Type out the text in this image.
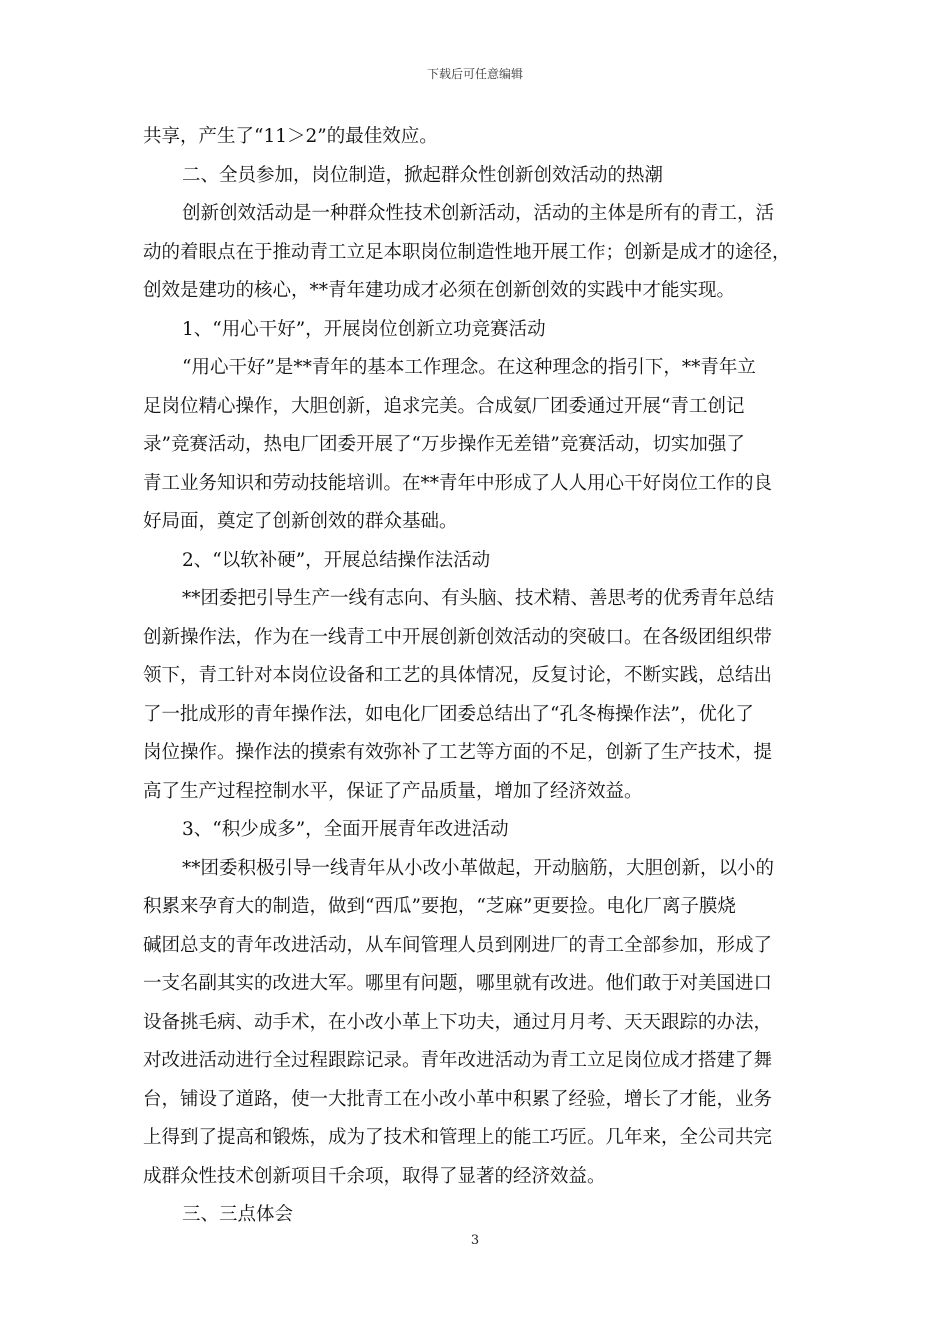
下载后可任意编辑
共享，产生了“11＞2”的最佳效应。
二、全员参加，岗位制造，掀起群众性创新创效活动的热潮
创新创效活动是一种群众性技术创新活动，活动的主体是所有的青工，活
动的着眼点在于推动青工立足本职岗位制造性地开展工作；创新是成才的途径，
创效是建功的核心，**青年建功成才必须在创新创效的实践中才能实现。
1、“用心干好”，开展岗位创新立功竞赛活动
“用心干好”是**青年的基本工作理念。在这种理念的指引下，**青年立
足岗位精心操作，大胆创新，追求完美。合成氨厂团委通过开展“青工创记
录”竞赛活动，热电厂团委开展了“万步操作无差错”竞赛活动，切实加强了
青工业务知识和劳动技能培训。在**青年中形成了人人用心干好岗位工作的良
好局面，奠定了创新创效的群众基础。
2、“以软补硬”，开展总结操作法活动
**团委把引导生产一线有志向、有头脑、技术精、善思考的优秀青年总结
创新操作法，作为在一线青工中开展创新创效活动的突破口。在各级团组织带
领下，青工针对本岗位设备和工艺的具体情况，反复讨论，不断实践，总结出
了一批成形的青年操作法，如电化厂团委总结出了“孔冬梅操作法”，优化了
岗位操作。操作法的摸索有效弥补了工艺等方面的不足，创新了生产技术，提
高了生产过程控制水平，保证了产品质量，增加了经济效益。
3、“积少成多”，全面开展青年改进活动
**团委积极引导一线青年从小改小革做起，开动脑筋，大胆创新，以小的
积累来孕育大的制造，做到“西瓜”要抱，“芝麻”更要捡。电化厂离子膜烧
碱团总支的青年改进活动，从车间管理人员到刚进厂的青工全部参加，形成了
一支名副其实的改进大军。哪里有问题，哪里就有改进。他们敢于对美国进口
设备挑毛病、动手术，在小改小革上下功夫，通过月月考、天天跟踪的办法，
对改进活动进行全过程跟踪记录。青年改进活动为青工立足岗位成才搭建了舞
台，铺设了道路，使一大批青工在小改小革中积累了经验，增长了才能，业务
上得到了提高和锻炼，成为了技术和管理上的能工巧匠。几年来，全公司共完
成群众性技术创新项目千余项，取得了显著的经济效益。
三、三点体会
3
